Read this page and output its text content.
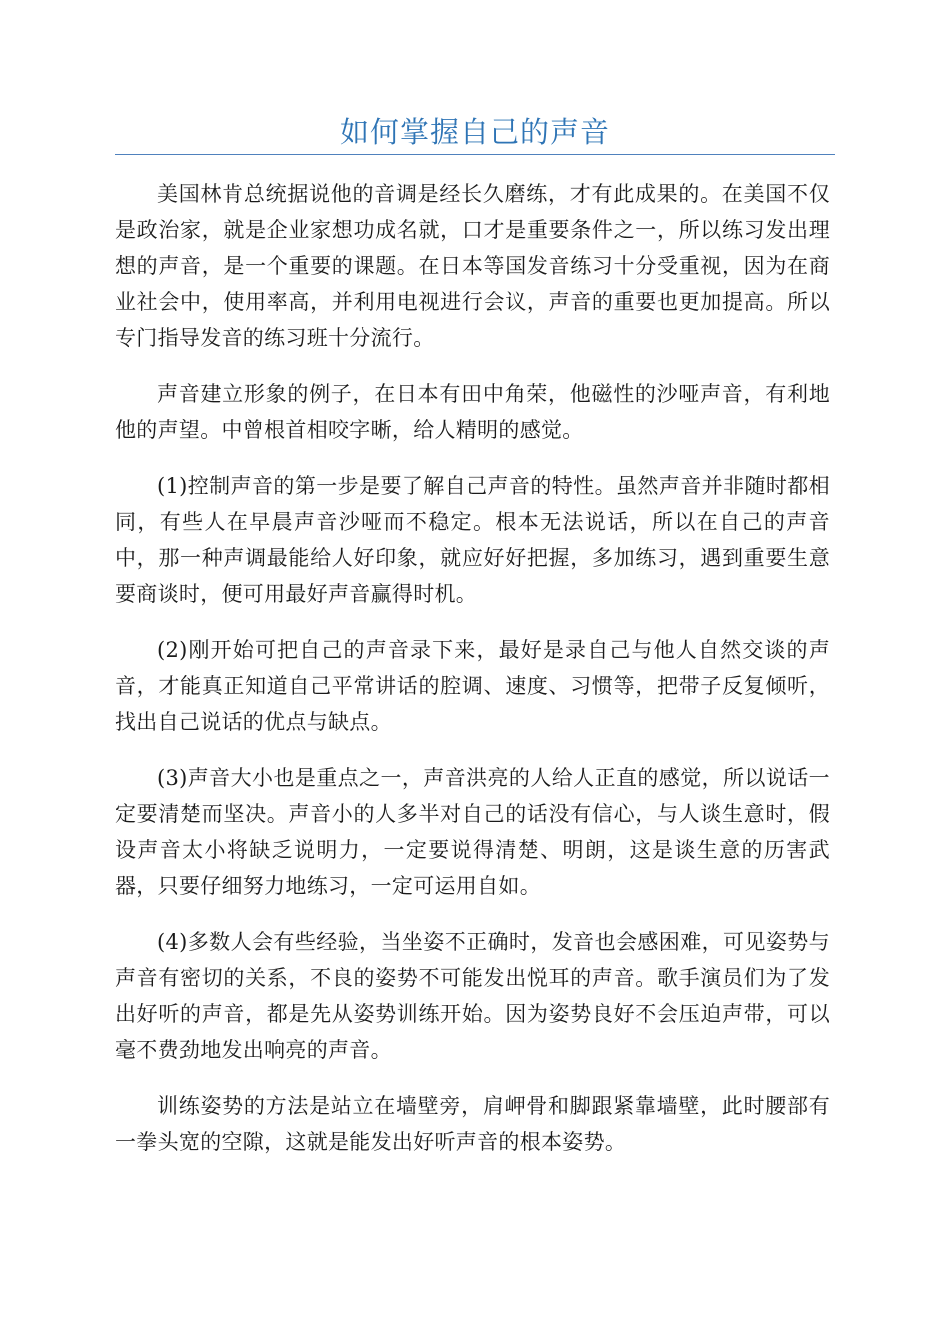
如何掌握自己的声音

美国林肯总统据说他的音调是经长久磨练，才有此成果的。在美国不仅是政治家，就是企业家想功成名就，口才是重要条件之一，所以练习发出理想的声音，是一个重要的课题。在日本等国发音练习十分受重视，因为在商业社会中，使用率高，并利用电视进行会议，声音的重要也更加提高。所以专门指导发音的练习班十分流行。

声音建立形象的例子，在日本有田中角荣，他磁性的沙哑声音，有利地他的声望。中曾根首相咬字晰，给人精明的感觉。

(1)控制声音的第一步是要了解自己声音的特性。虽然声音并非随时都相同，有些人在早晨声音沙哑而不稳定。根本无法说话，所以在自己的声音中，那一种声调最能给人好印象，就应好好把握，多加练习，遇到重要生意要商谈时，便可用最好声音赢得时机。

(2)刚开始可把自己的声音录下来，最好是录自己与他人自然交谈的声音，才能真正知道自己平常讲话的腔调、速度、习惯等，把带子反复倾听，找出自己说话的优点与缺点。

(3)声音大小也是重点之一，声音洪亮的人给人正直的感觉，所以说话一定要清楚而坚决。声音小的人多半对自己的话没有信心，与人谈生意时，假设声音太小将缺乏说明力，一定要说得清楚、明朗，这是谈生意的历害武器，只要仔细努力地练习，一定可运用自如。

(4)多数人会有些经验，当坐姿不正确时，发音也会感困难，可见姿势与声音有密切的关系，不良的姿势不可能发出悦耳的声音。歌手演员们为了发出好听的声音，都是先从姿势训练开始。因为姿势良好不会压迫声带，可以毫不费劲地发出响亮的声音。

训练姿势的方法是站立在墙壁旁，肩岬骨和脚跟紧靠墙壁，此时腰部有一拳头宽的空隙，这就是能发出好听声音的根本姿势。
